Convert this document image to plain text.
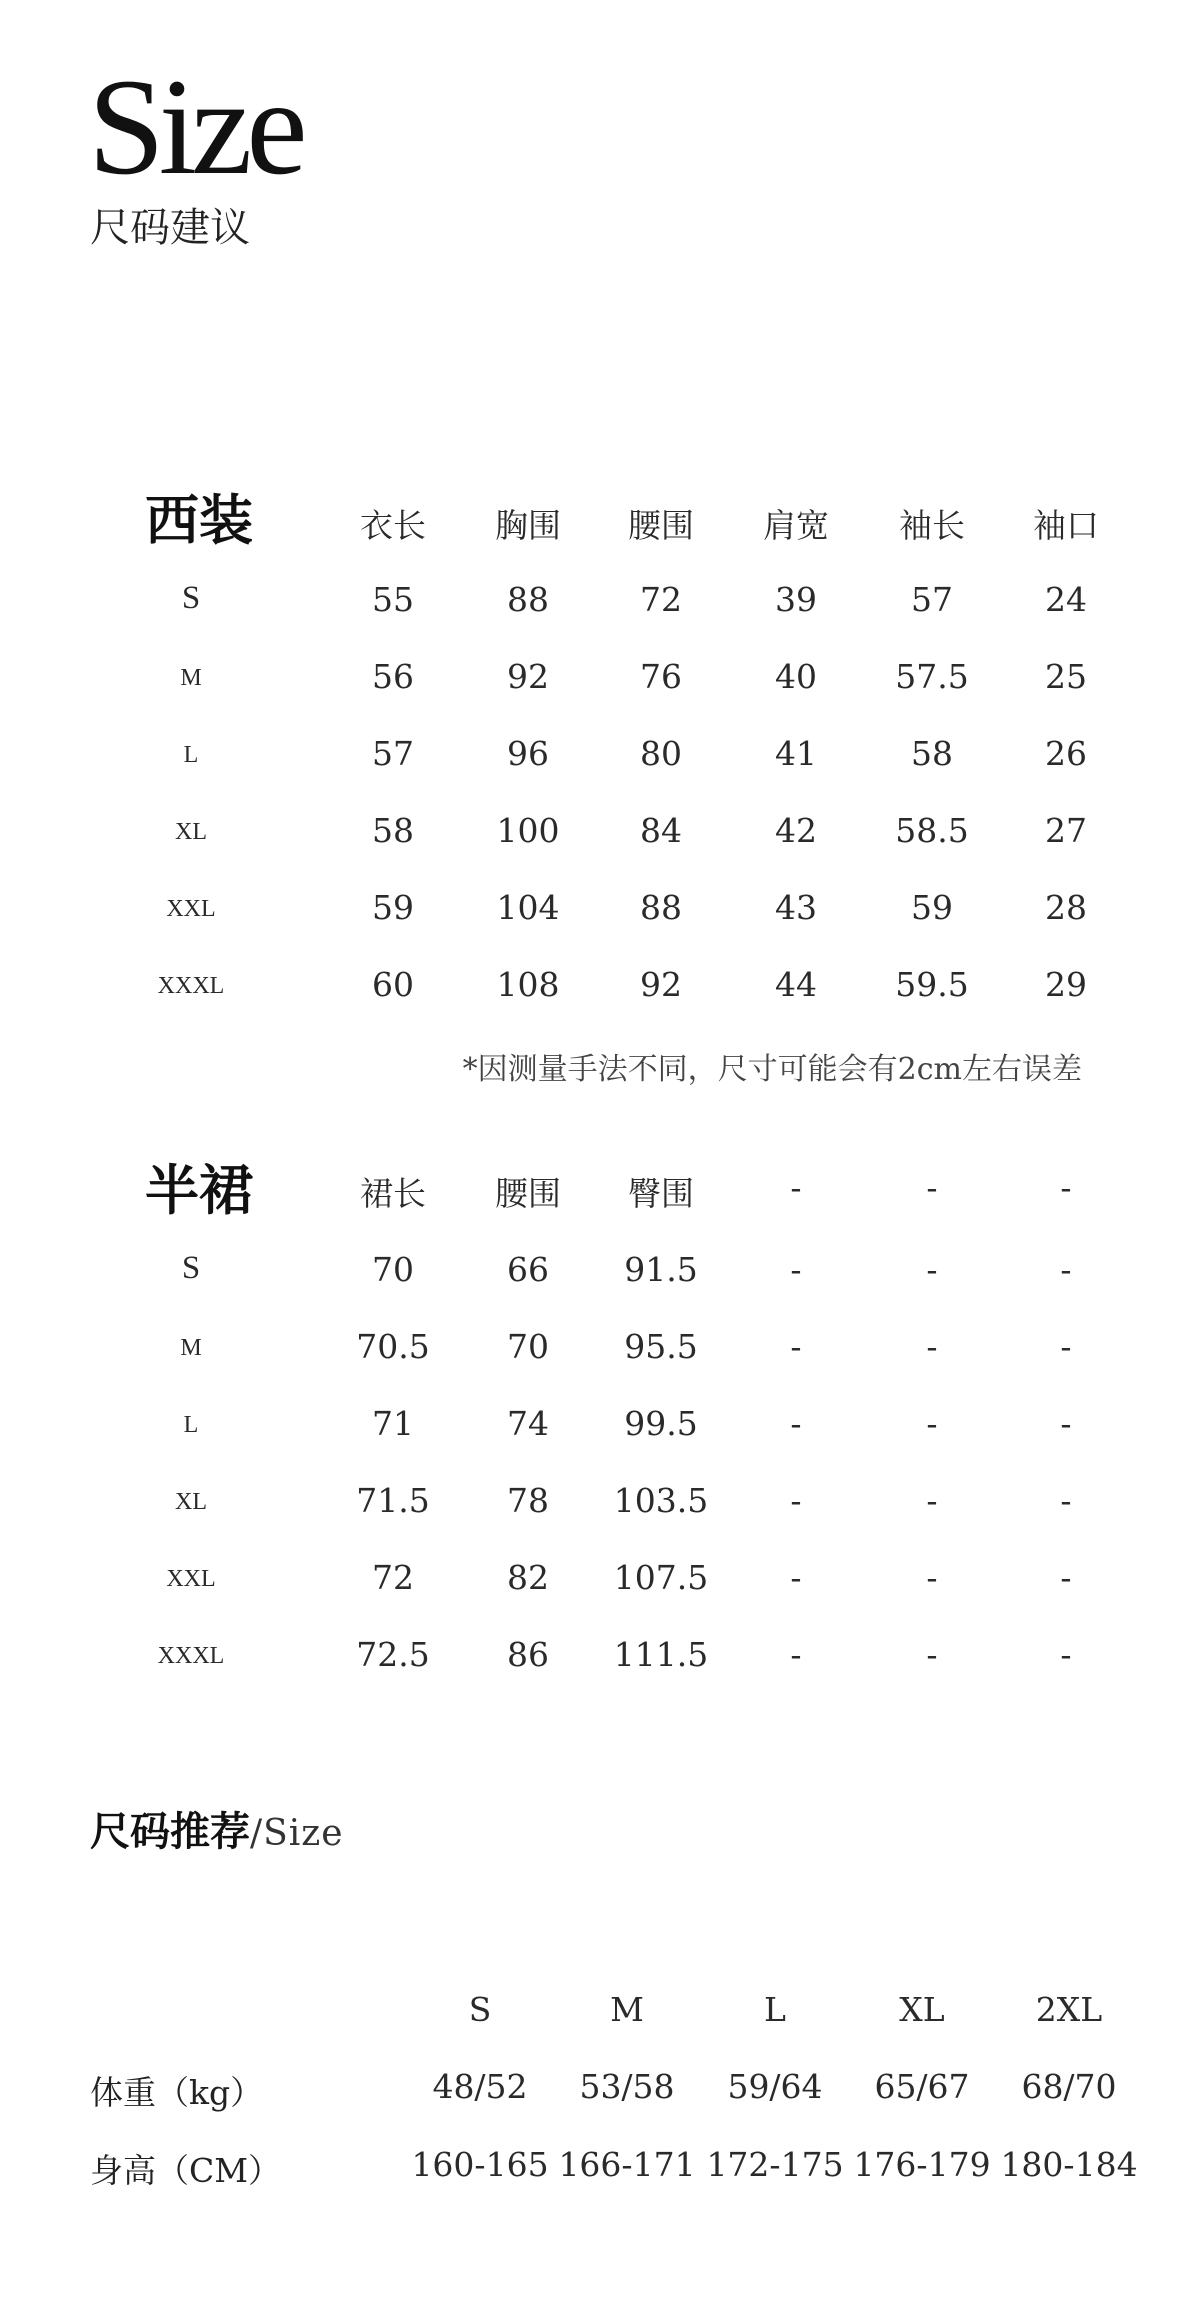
Size
尺码建议
西装	衣长 胸围 腰围 肩宽 袖长 袖口
S	55	88	72	39	57	24
M	56	92	76	40 57.5 25
L	57	96	80	41	58	26
XL	58	100 84	42 58.5 27
XXL	59	104 88	43	59	28
XXXL	60	108 92	44 59.5 29
*因测量手法不同，尺寸可能会有2cm左右误差
半裙	裙长 腰围 臀围	-	-	-
S	70	66 91.5	-	-	-
M	70.5 70 95.5	-	-	-
L	71	74 99.5	-	-	-
XL	71.5 78 103.5 -	-	-
XXL	72	82 107.5 -	-	-
XXXL	72.5 86 111.5 -	-	-
尺码推荐/Size
S	M	L	XL	2XL
体重（kg）	48/52 53/58 59/64 65/67 68/70
身高（CM）	160-165 166-171 172-175 176-179 180-184
